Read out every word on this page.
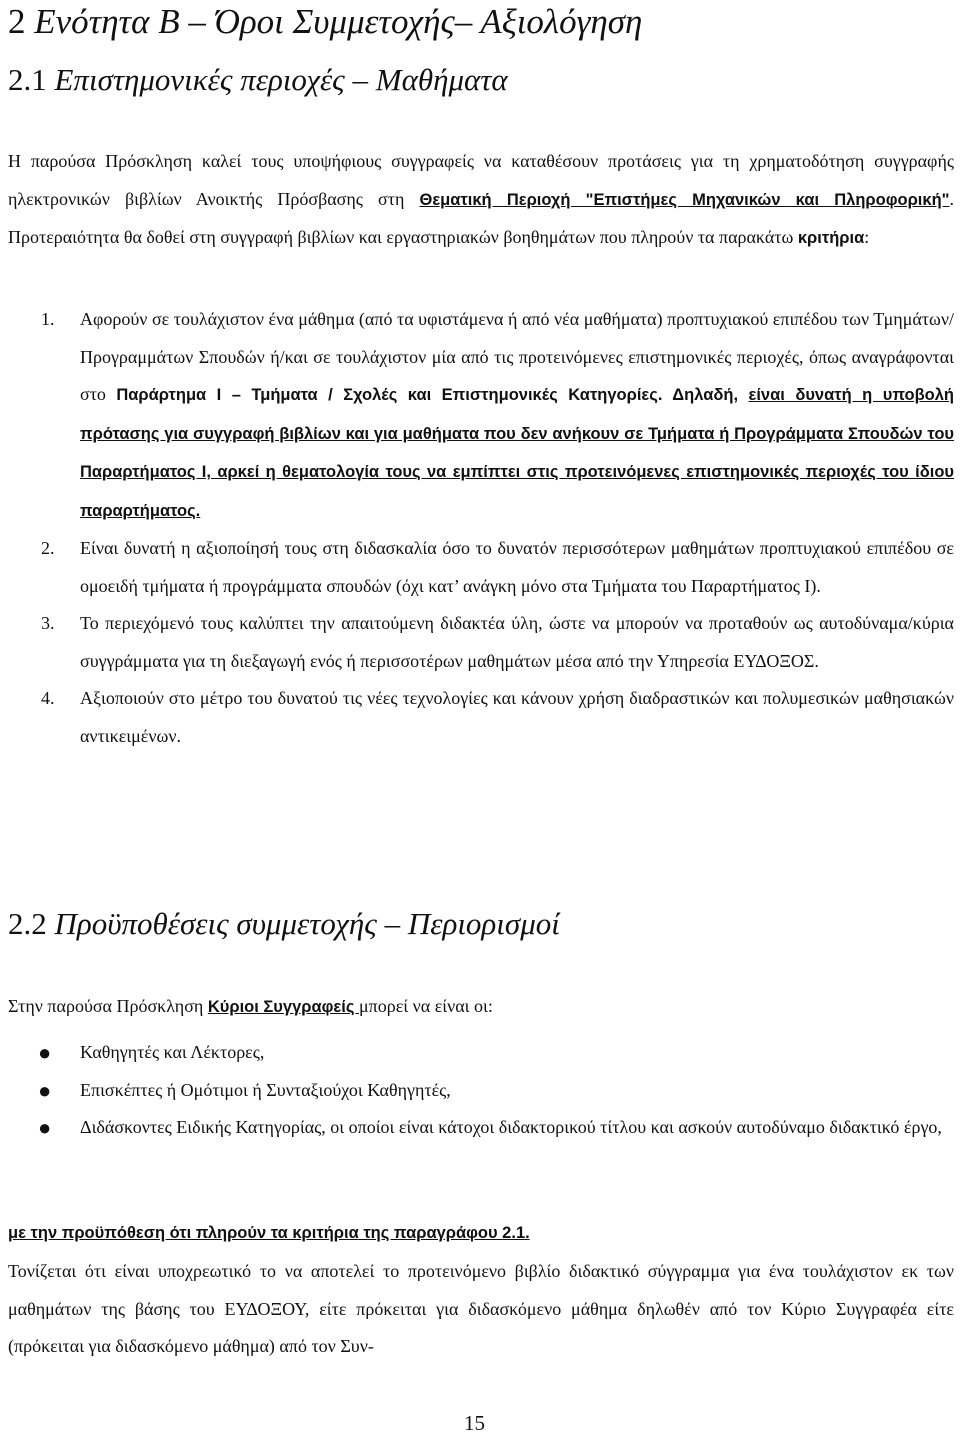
2 Ενότητα Β – Όροι Συμμετοχής– Αξιολόγηση
2.1 Επιστημονικές περιοχές – Μαθήματα

Η παρούσα Πρόσκληση καλεί τους υποψήφιους συγγραφείς να καταθέσουν προτάσεις για τη χρηματοδότηση συγγραφής ηλεκτρονικών βιβλίων Ανοικτής Πρόσβασης στη Θεματική Περιοχή "Επιστήμες Μηχανικών και Πληροφορική". Προτεραιότητα θα δοθεί στη συγγραφή βιβλίων και εργαστηριακών βοηθημάτων που πληρούν τα παρακάτω κριτήρια:

1. Αφορούν σε τουλάχιστον ένα μάθημα (από τα υφιστάμενα ή από νέα μαθήματα) προπτυχιακού επιπέδου των Τμημάτων/ Προγραμμάτων Σπουδών ή/και σε τουλάχιστον μία από τις προτεινόμενες επιστημονικές περιοχές, όπως αναγράφονται στο Παράρτημα Ι – Τμήματα / Σχολές και Επιστημονικές Κατηγορίες. Δηλαδή, είναι δυνατή η υποβολή πρότασης για συγγραφή βιβλίων και για μαθήματα που δεν ανήκουν σε Τμήματα ή Προγράμματα Σπουδών του Παραρτήματος Ι, αρκεί η θεματολογία τους να εμπίπτει στις προτεινόμενες επιστημονικές περιοχές του ίδιου παραρτήματος.
2. Είναι δυνατή η αξιοποίησή τους στη διδασκαλία όσο το δυνατόν περισσότερων μαθημάτων προπτυχιακού επιπέδου σε ομοειδή τμήματα ή προγράμματα σπουδών (όχι κατ’ ανάγκη μόνο στα Τμήματα του Παραρτήματος Ι).
3. Το περιεχόμενό τους καλύπτει την απαιτούμενη διδακτέα ύλη, ώστε να μπορούν να προταθούν ως αυτοδύναμα/κύρια συγγράμματα για τη διεξαγωγή ενός ή περισσοτέρων μαθημάτων μέσα από την Υπηρεσία ΕΥΔΟΞΟΣ.
4. Αξιοποιούν στο μέτρο του δυνατού τις νέες τεχνολογίες και κάνουν χρήση διαδραστικών και πολυμεσικών μαθησιακών αντικειμένων.
2.2 Προϋποθέσεις συμμετοχής – Περιορισμοί

Στην παρούσα Πρόσκληση Κύριοι Συγγραφείς μπορεί να είναι οι:

● Καθηγητές και Λέκτορες,
● Επισκέπτες ή Ομότιμοι ή Συνταξιούχοι Καθηγητές,
● Διδάσκοντες Ειδικής Κατηγορίας, οι οποίοι είναι κάτοχοι διδακτορικού τίτλου και ασκούν αυτοδύναμο διδακτικό έργο,

με την προϋπόθεση ότι πληρούν τα κριτήρια της παραγράφου 2.1.

Τονίζεται ότι είναι υποχρεωτικό το να αποτελεί το προτεινόμενο βιβλίο διδακτικό σύγγραμμα για ένα τουλάχιστον εκ των μαθημάτων της βάσης του ΕΥΔΟΞΟΥ, είτε πρόκειται για διδασκόμενο μάθημα δηλωθέν από τον Κύριο Συγγραφέα είτε (πρόκειται για διδασκόμενο μάθημα) από τον Συν-

15
